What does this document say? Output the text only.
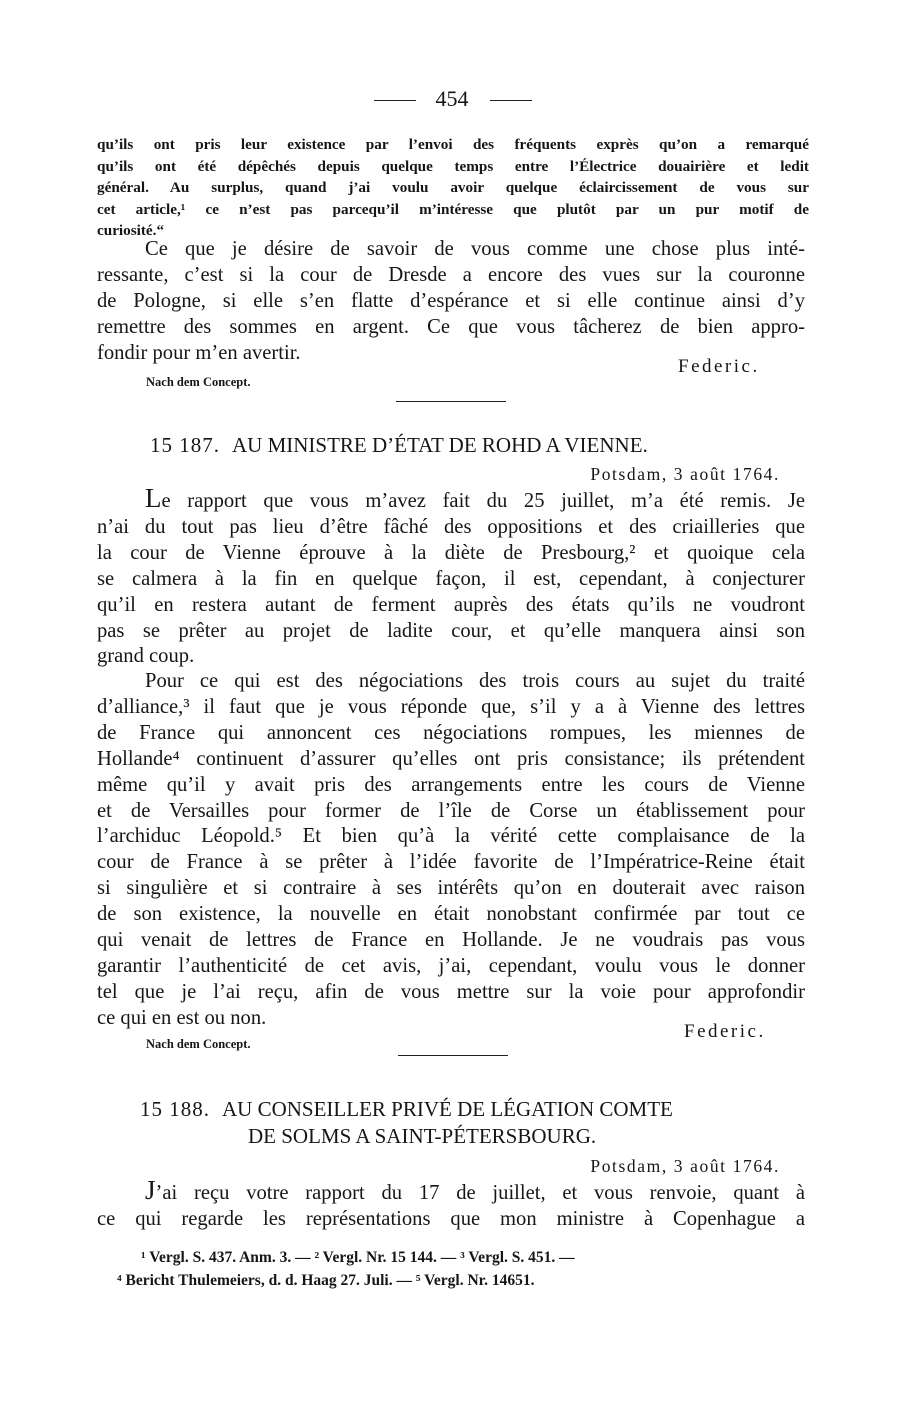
454
qu’ils ont pris leur existence par l’envoi des fréquents exprès qu’on a remarqué
qu’ils ont été dépêchés depuis quelque temps entre l’Électrice douairière et ledit
général. Au surplus, quand j’ai voulu avoir quelque éclaircissement de vous sur
cet article,¹ ce n’est pas parcequ’il m’intéresse que plutôt par un pur motif de
curiosité.“
Ce que je désire de savoir de vous comme une chose plus inté-
ressante, c’est si la cour de Dresde a encore des vues sur la couronne
de Pologne, si elle s’en flatte d’espérance et si elle continue ainsi d’y
remettre des sommes en argent. Ce que vous tâcherez de bien appro-
fondir pour m’en avertir.
Federic.
Nach dem Concept.
15 187. AU MINISTRE D’ÉTAT DE ROHD A VIENNE.
Potsdam, 3 août 1764.
Le rapport que vous m’avez fait du 25 juillet, m’a été remis. Je
n’ai du tout pas lieu d’être fâché des oppositions et des criailleries que
la cour de Vienne éprouve à la diète de Presbourg,² et quoique cela
se calmera à la fin en quelque façon, il est, cependant, à conjecturer
qu’il en restera autant de ferment auprès des états qu’ils ne voudront
pas se prêter au projet de ladite cour, et qu’elle manquera ainsi son
grand coup.
Pour ce qui est des négociations des trois cours au sujet du traité
d’alliance,³ il faut que je vous réponde que, s’il y a à Vienne des lettres
de France qui annoncent ces négociations rompues, les miennes de
Hollande⁴ continuent d’assurer qu’elles ont pris consistance; ils prétendent
même qu’il y avait pris des arrangements entre les cours de Vienne
et de Versailles pour former de l’île de Corse un établissement pour
l’archiduc Léopold.⁵ Et bien qu’à la vérité cette complaisance de la
cour de France à se prêter à l’idée favorite de l’Impératrice-Reine était
si singulière et si contraire à ses intérêts qu’on en douterait avec raison
de son existence, la nouvelle en était nonobstant confirmée par tout ce
qui venait de lettres de France en Hollande. Je ne voudrais pas vous
garantir l’authenticité de cet avis, j’ai, cependant, voulu vous le donner
tel que je l’ai reçu, afin de vous mettre sur la voie pour approfondir
ce qui en est ou non.
Federic.
Nach dem Concept.
15 188. AU CONSEILLER PRIVÉ DE LÉGATION COMTE
DE SOLMS A SAINT-PÉTERSBOURG.
Potsdam, 3 août 1764.
J’ai reçu votre rapport du 17 de juillet, et vous renvoie, quant à
ce qui regarde les représentations que mon ministre à Copenhague a
¹ Vergl. S. 437. Anm. 3. — ² Vergl. Nr. 15 144. — ³ Vergl. S. 451. —
⁴ Bericht Thulemeiers, d. d. Haag 27. Juli. — ⁵ Vergl. Nr. 14651.
